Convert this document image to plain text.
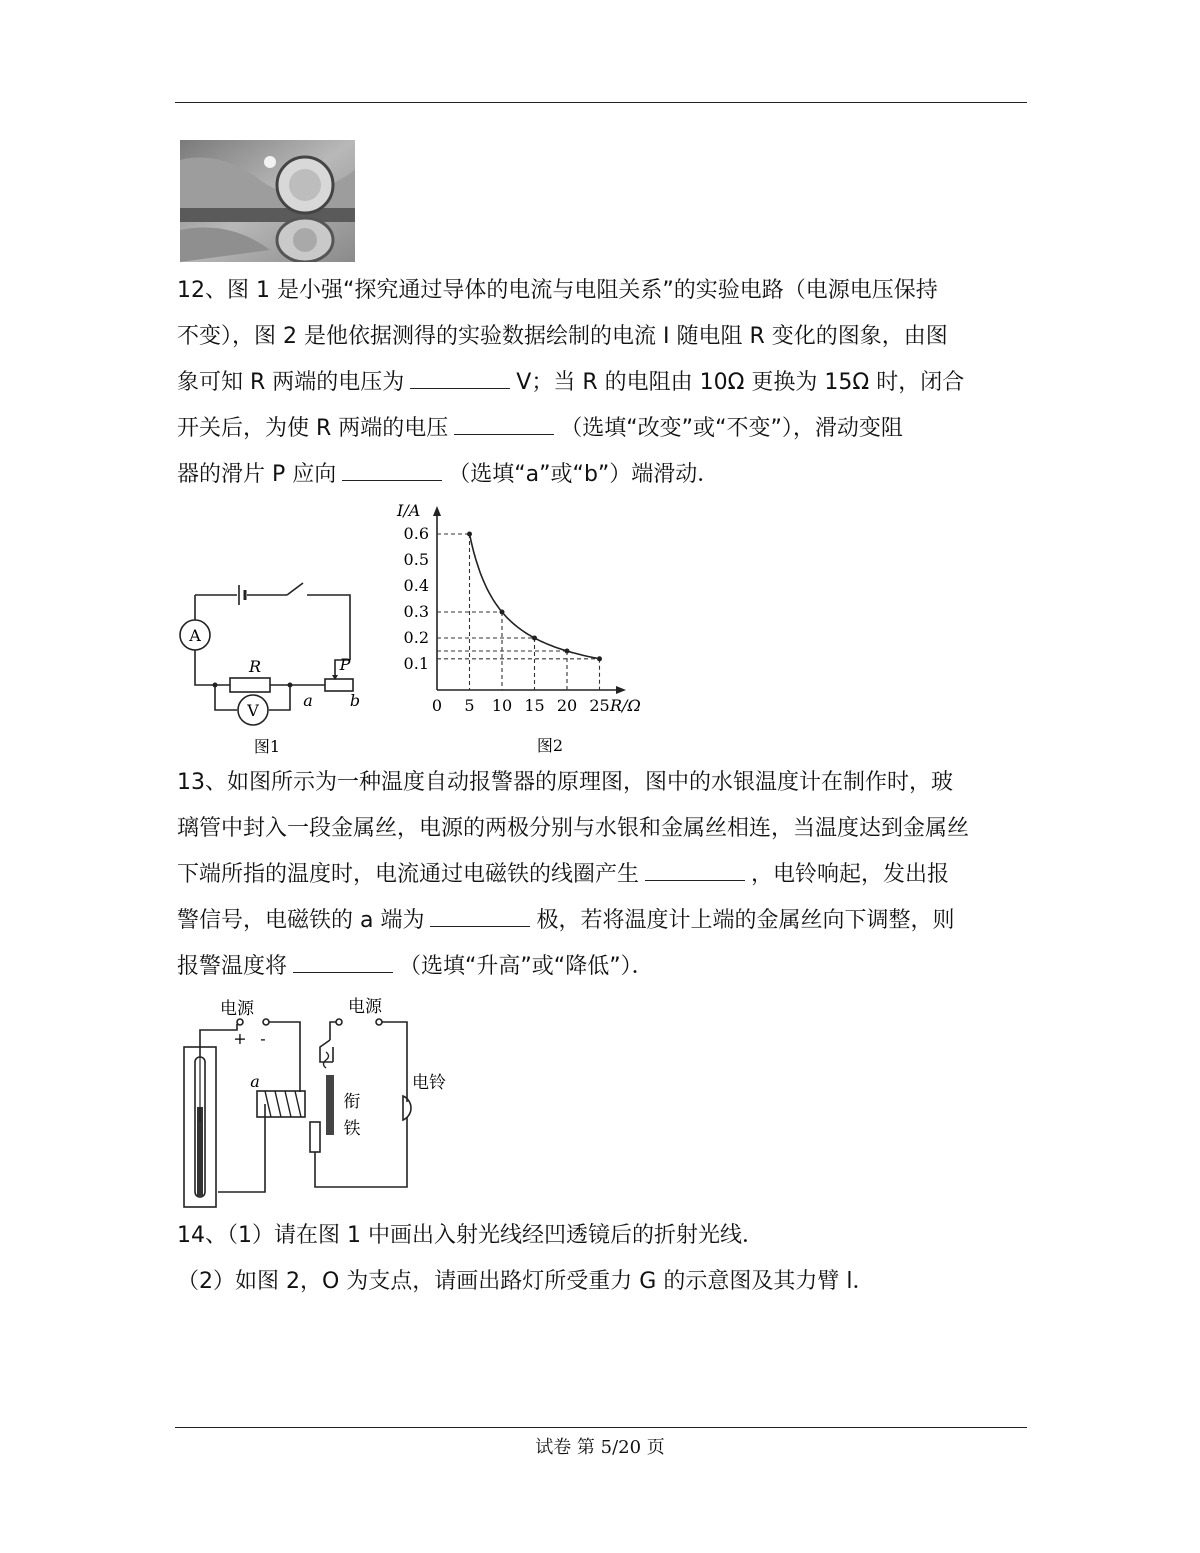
12、图 1 是小强“探究通过导体的电流与电阻关系”的实验电路（电源电压保持
不变），图 2 是他依据测得的实验数据绘制的电流 I 随电阻 R 变化的图象，由图
象可知 R 两端的电压为	V；当 R 的电阻由 10Ω 更换为 15Ω 时，闭合
开关后，为使 R 两端的电压	（选填“改变”或“不变”），滑动变阻
器的滑片 P 应向	（选填“a”或“b”）端滑动．
A
V
R	P
a b
图1
0 5 10 15 20 25
0.1
0.2
0.3
0.4
0.5
0.6
I/A
R/Ω
图2
13、如图所示为一种温度自动报警器的原理图，图中的水银温度计在制作时，玻
璃管中封入一段金属丝，电源的两极分别与水银和金属丝相连，当温度达到金属丝
下端所指的温度时，电流通过电磁铁的线圈产生	，电铃响起，发出报
警信号，电磁铁的 a 端为	极，若将温度计上端的金属丝向下调整，则
报警温度将	（选填“升高”或“降低”）．
电源	电源
+ -
a
衔
铁
电铃
14、（1）请在图 1 中画出入射光线经凹透镜后的折射光线．
（2）如图 2，O 为支点，请画出路灯所受重力 G 的示意图及其力臂 l．
试卷 第 5/20 页
